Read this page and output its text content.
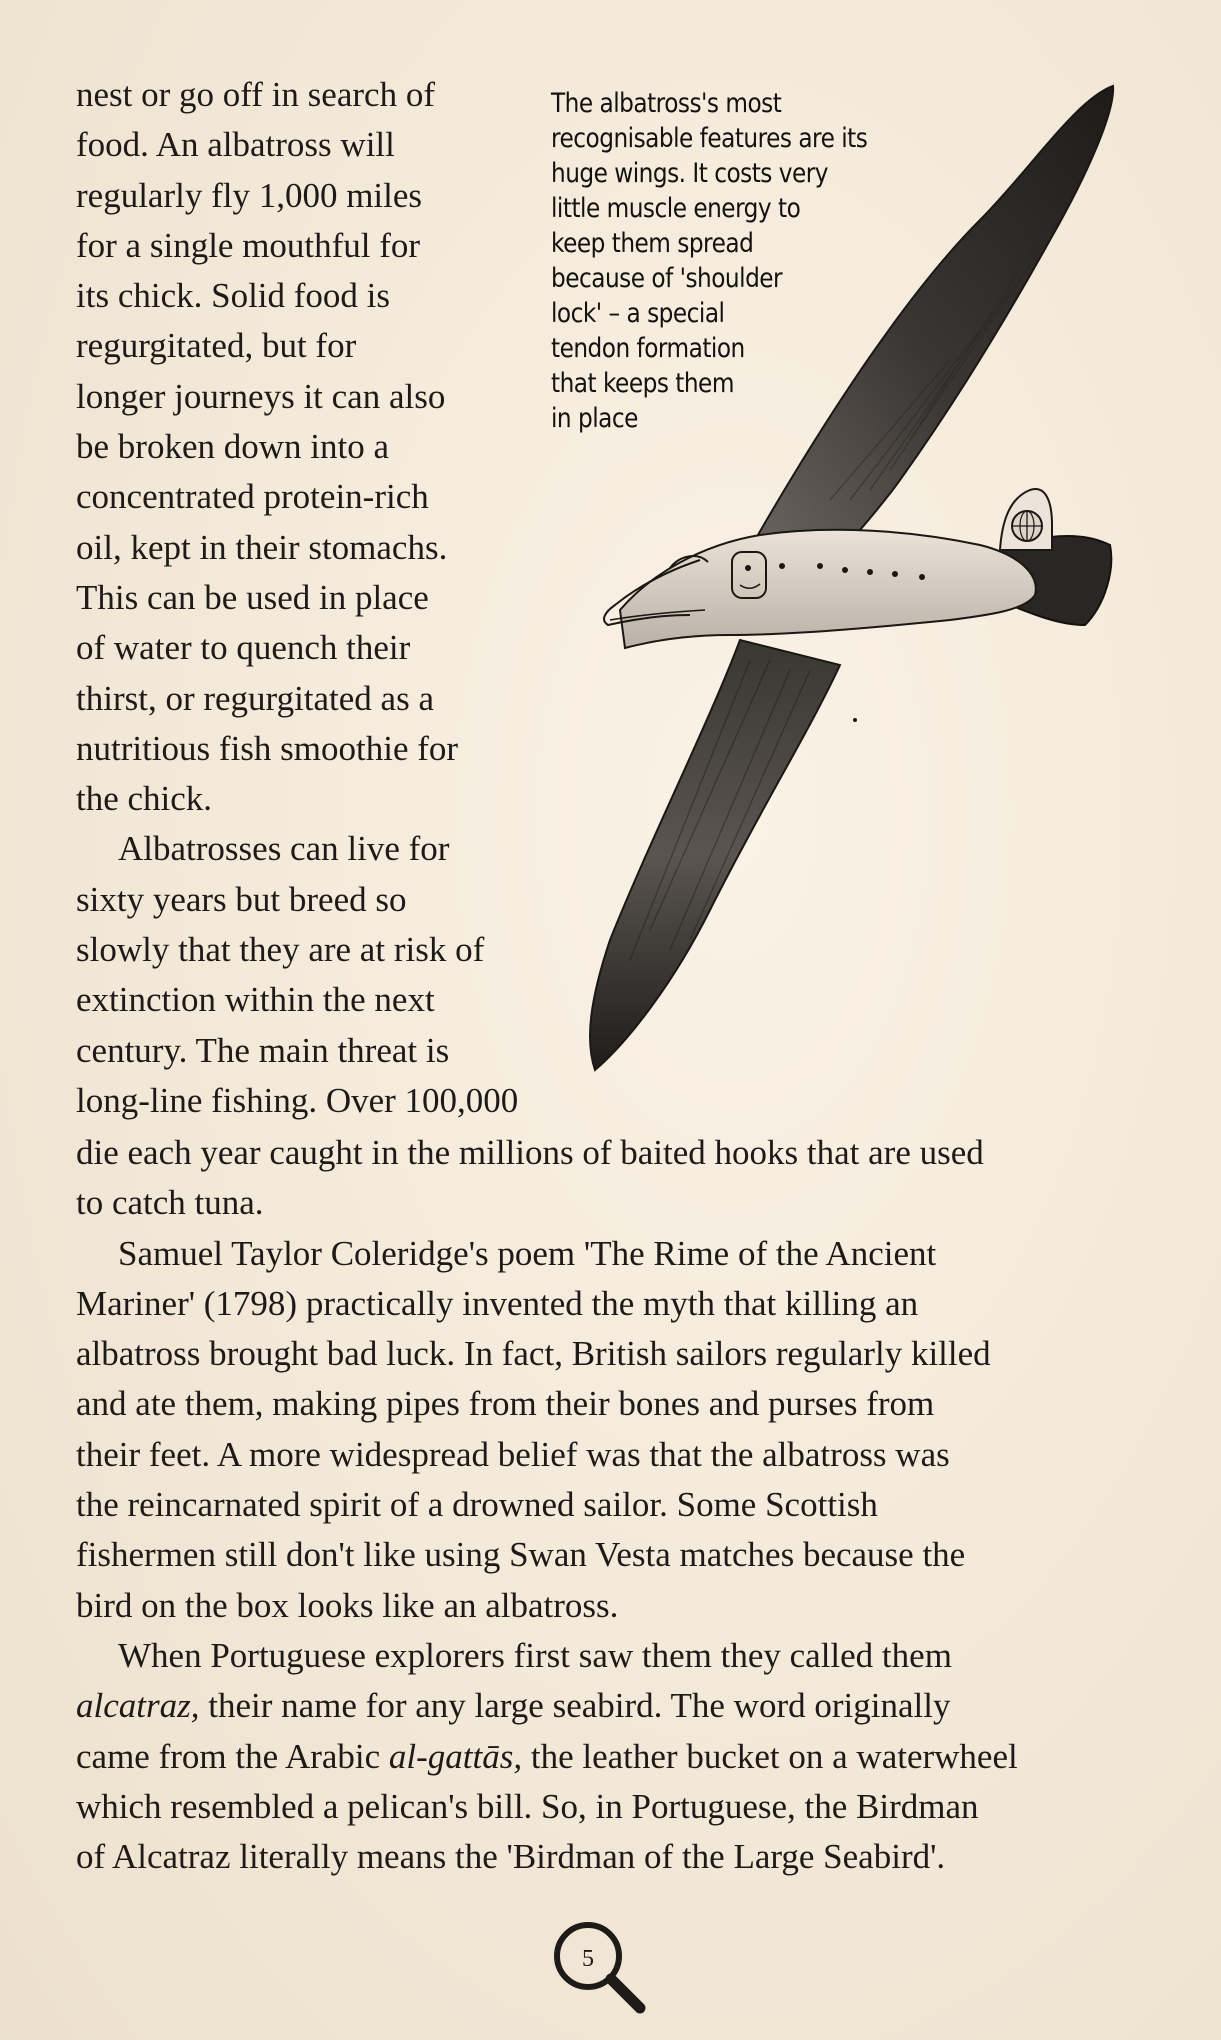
The albatross's most
recognisable features are its
huge wings. It costs very
little muscle energy to
keep them spread
because of 'shoulder
lock' – a special
tendon formation
that keeps them
in place
nest or go off in search of
food. An albatross will
regularly fly 1,000 miles
for a single mouthful for
its chick. Solid food is
regurgitated, but for
longer journeys it can also
be broken down into a
concentrated protein-rich
oil, kept in their stomachs.
This can be used in place
of water to quench their
thirst, or regurgitated as a
nutritious fish smoothie for
the chick.
Albatrosses can live for
sixty years but breed so
slowly that they are at risk of
extinction within the next
century. The main threat is
long-line fishing. Over 100,000
die each year caught in the millions of baited hooks that are used
to catch tuna.
Samuel Taylor Coleridge's poem 'The Rime of the Ancient
Mariner' (1798) practically invented the myth that killing an
albatross brought bad luck. In fact, British sailors regularly killed
and ate them, making pipes from their bones and purses from
their feet. A more widespread belief was that the albatross was
the reincarnated spirit of a drowned sailor. Some Scottish
fishermen still don't like using Swan Vesta matches because the
bird on the box looks like an albatross.
When Portuguese explorers first saw them they called them
alcatraz, their name for any large seabird. The word originally
came from the Arabic al-gattās, the leather bucket on a waterwheel
which resembled a pelican's bill. So, in Portuguese, the Birdman
of Alcatraz literally means the 'Birdman of the Large Seabird'.
5
